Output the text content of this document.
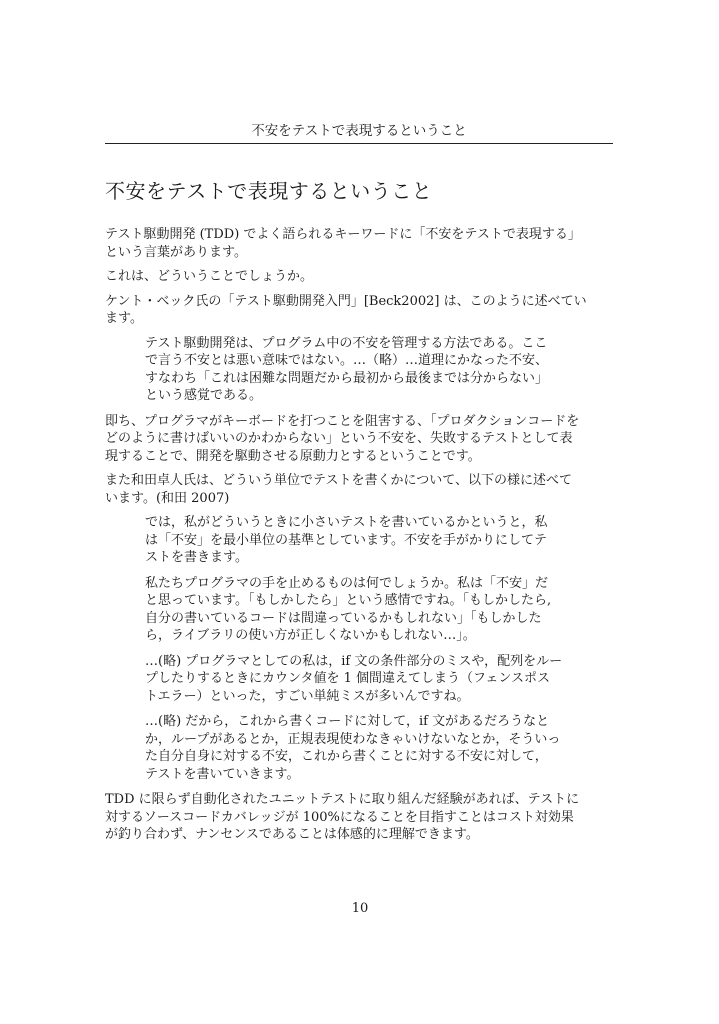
不安をテストで表現するということ
不安をテストで表現するということ

テスト駆動開発 (TDD) でよく語られるキーワードに「不安をテストで表現する」
という言葉があります。

これは、どういうことでしょうか。

ケント・ベック氏の「テスト駆動開発入門」[Beck2002] は、このように述べてい
ます。

テスト駆動開発は、プログラム中の不安を管理する方法である。ここ
で言う不安とは悪い意味ではない。…（略）…道理にかなった不安、
すなわち「これは困難な問題だから最初から最後までは分からない」
という感覚である。

即ち、プログラマがキーボードを打つことを阻害する、「プロダクションコードを
どのように書けばいいのかわからない」という不安を、失敗するテストとして表
現することで、開発を駆動させる原動力とするということです。

また和田卓人氏は、どういう単位でテストを書くかについて、以下の様に述べて
います。(和田 2007)

では，私がどういうときに小さいテストを書いているかというと，私
は「不安」を最小単位の基準としています。不安を手がかりにしてテ
ストを書きます。

私たちプログラマの手を止めるものは何でしょうか。私は「不安」だ
と思っています。「もしかしたら」という感情ですね。「もしかしたら,
自分の書いているコードは間違っているかもしれない」「もしかした
ら，ライブラリの使い方が正しくないかもしれない…」。

…(略) プログラマとしての私は，if 文の条件部分のミスや，配列をルー
プしたりするときにカウンタ値を 1 個間違えてしまう（フェンスポス
トエラー）といった，すごい単純ミスが多いんですね。

…(略) だから，これから書くコードに対して，if 文があるだろうなと
か，ループがあるとか，正規表現使わなきゃいけないなとか，そういっ
た自分自身に対する不安，これから書くことに対する不安に対して，
テストを書いていきます。

TDD に限らず自動化されたユニットテストに取り組んだ経験があれば、テストに
対するソースコードカバレッジが 100%になることを目指すことはコスト対効果
が釣り合わず、ナンセンスであることは体感的に理解できます。

10
